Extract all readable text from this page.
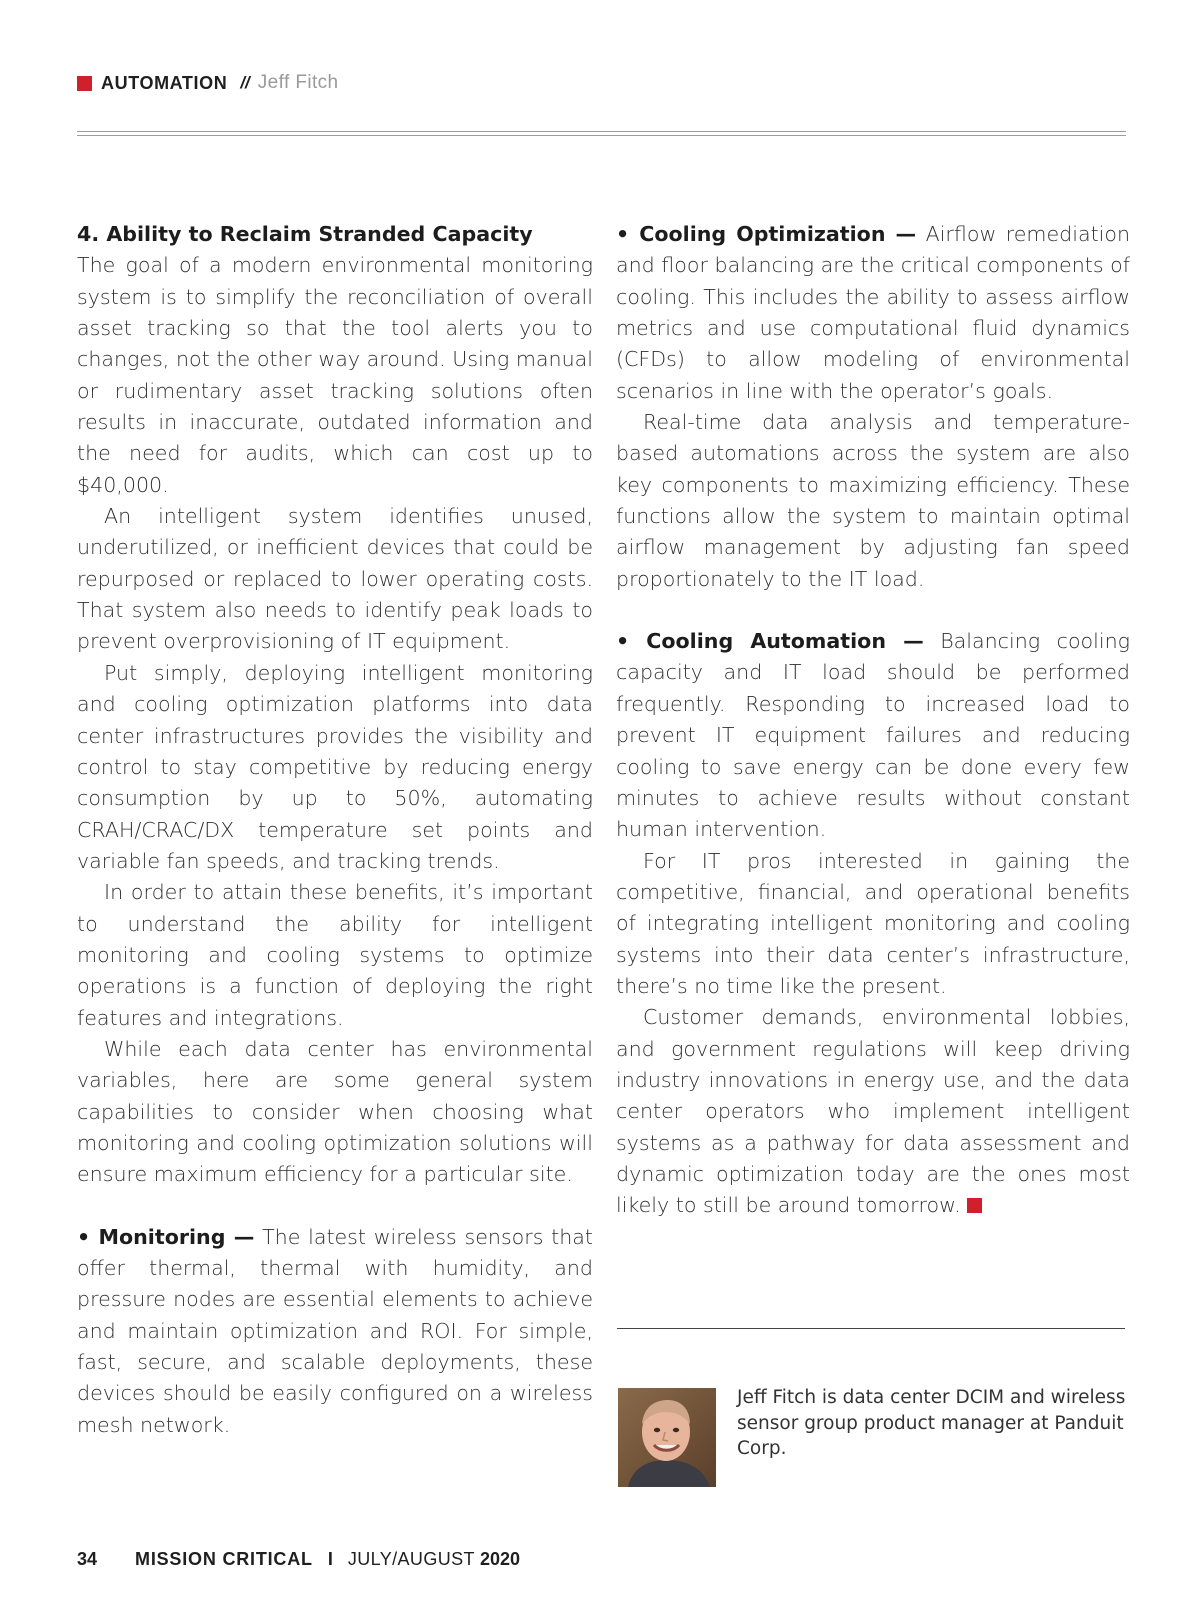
AUTOMATION // Jeff Fitch

4. Ability to Reclaim Stranded Capacity

The goal of a modern environmental monitoring system is to simplify the reconciliation of overall asset tracking so that the tool alerts you to changes, not the other way around. Using manual or rudimentary asset tracking solutions often results in inaccurate, outdated information and the need for audits, which can cost up to $40,000.

An intelligent system identifies unused, underutilized, or inefficient devices that could be repurposed or replaced to lower operating costs. That system also needs to identify peak loads to prevent overprovisioning of IT equipment.

Put simply, deploying intelligent monitoring and cooling optimization platforms into data center infrastructures provides the visibility and control to stay competitive by reducing energy consumption by up to 50%, automating CRAH/CRAC/DX temperature set points and variable fan speeds, and tracking trends.

In order to attain these benefits, it’s important to understand the ability for intelligent monitoring and cooling systems to optimize operations is a function of deploying the right features and integrations.

While each data center has environmental variables, here are some general system capabilities to consider when choosing what monitoring and cooling optimization solutions will ensure maximum efficiency for a particular site.

• Monitoring — The latest wireless sensors that offer thermal, thermal with humidity, and pressure nodes are essential elements to achieve and maintain optimization and ROI. For simple, fast, secure, and scalable deployments, these devices should be easily configured on a wireless mesh network.

• Cooling Optimization — Airflow remediation and floor balancing are the critical components of cooling. This includes the ability to assess airflow metrics and use computational fluid dynamics (CFDs) to allow modeling of environmental scenarios in line with the operator’s goals.

Real-time data analysis and temperature-based automations across the system are also key components to maximizing efficiency. These functions allow the system to maintain optimal airflow management by adjusting fan speed proportionately to the IT load.

• Cooling Automation — Balancing cooling capacity and IT load should be performed frequently. Responding to increased load to prevent IT equipment failures and reducing cooling to save energy can be done every few minutes to achieve results without constant human intervention.

For IT pros interested in gaining the competitive, financial, and operational benefits of integrating intelligent monitoring and cooling systems into their data center’s infrastructure, there’s no time like the present.

Customer demands, environmental lobbies, and government regulations will keep driving industry innovations in energy use, and the data center operators who implement intelligent systems as a pathway for data assessment and dynamic optimization today are the ones most likely to still be around tomorrow.

Jeff Fitch is data center DCIM and wireless sensor group product manager at Panduit Corp.

34 MISSION CRITICAL I JULY/AUGUST 2020
